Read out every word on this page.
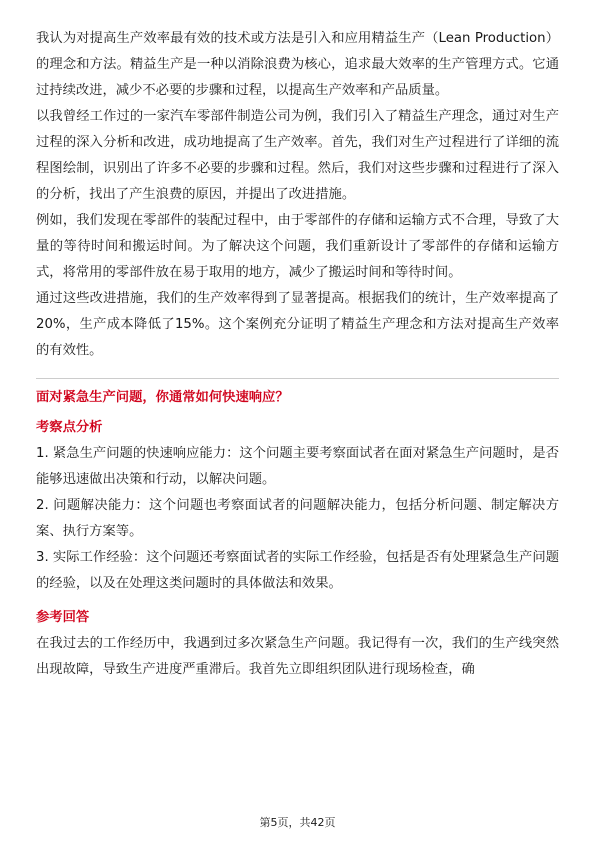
我认为对提高生产效率最有效的技术或方法是引入和应用精益生产（Lean Production）的理念和方法。精益生产是一种以消除浪费为核心，追求最大效率的生产管理方式。它通过持续改进，减少不必要的步骤和过程，以提高生产效率和产品质量。

以我曾经工作过的一家汽车零部件制造公司为例，我们引入了精益生产理念，通过对生产过程的深入分析和改进，成功地提高了生产效率。首先，我们对生产过程进行了详细的流程图绘制，识别出了许多不必要的步骤和过程。然后，我们对这些步骤和过程进行了深入的分析，找出了产生浪费的原因，并提出了改进措施。

例如，我们发现在零部件的装配过程中，由于零部件的存储和运输方式不合理，导致了大量的等待时间和搬运时间。为了解决这个问题，我们重新设计了零部件的存储和运输方式，将常用的零部件放在易于取用的地方，减少了搬运时间和等待时间。

通过这些改进措施，我们的生产效率得到了显著提高。根据我们的统计，生产效率提高了20%，生产成本降低了15%。这个案例充分证明了精益生产理念和方法对提高生产效率的有效性。

面对紧急生产问题，你通常如何快速响应？

考察点分析

1. 紧急生产问题的快速响应能力：这个问题主要考察面试者在面对紧急生产问题时，是否能够迅速做出决策和行动，以解决问题。

2. 问题解决能力：这个问题也考察面试者的问题解决能力，包括分析问题、制定解决方案、执行方案等。

3. 实际工作经验：这个问题还考察面试者的实际工作经验，包括是否有处理紧急生产问题的经验，以及在处理这类问题时的具体做法和效果。

参考回答

在我过去的工作经历中，我遇到过多次紧急生产问题。我记得有一次，我们的生产线突然出现故障，导致生产进度严重滞后。我首先立即组织团队进行现场检查，确

第5页，共42页
